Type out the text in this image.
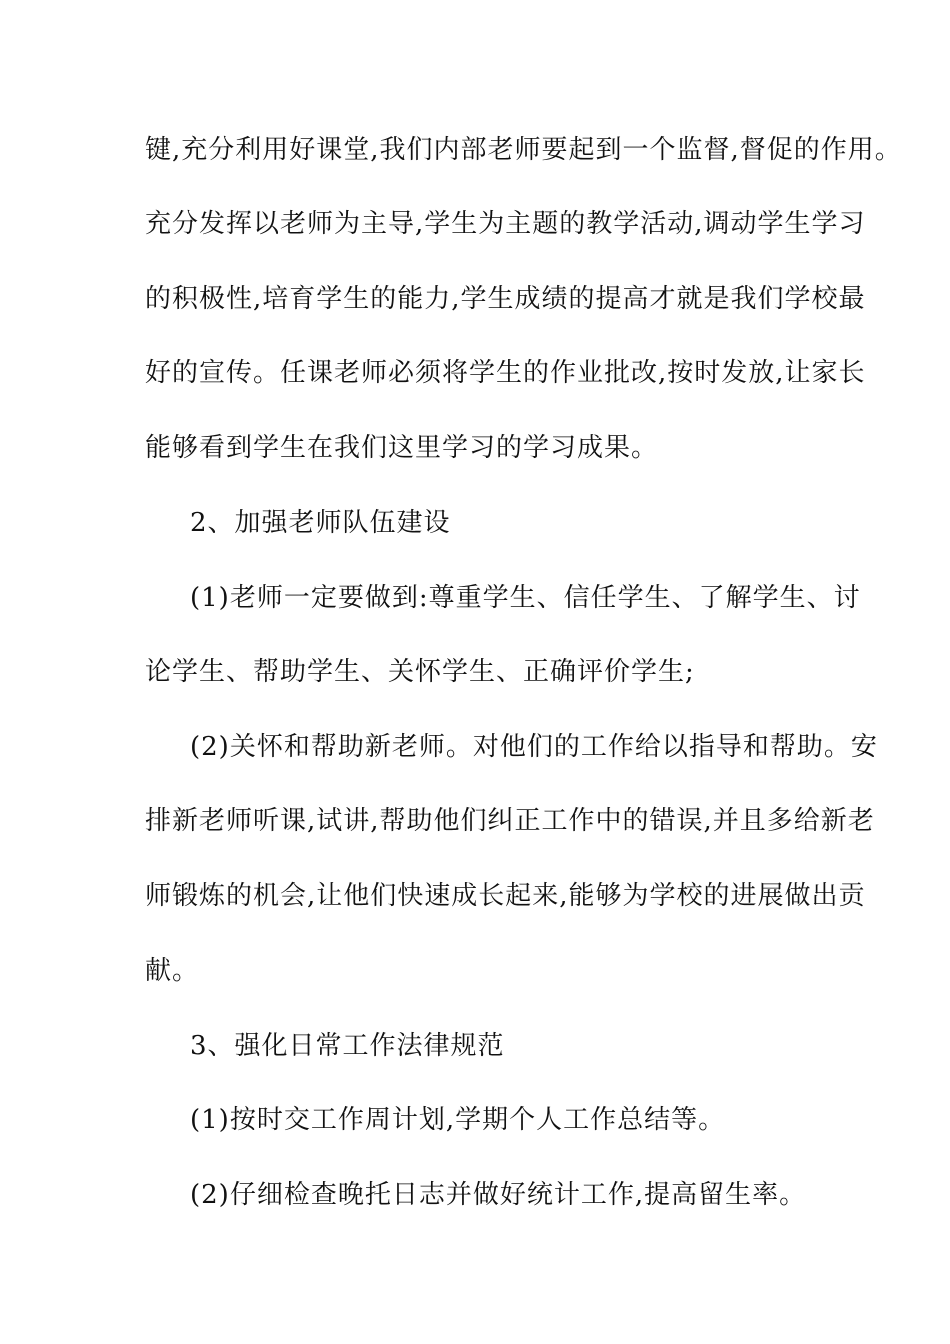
键,充分利用好课堂,我们内部老师要起到一个监督,督促的作用。
充分发挥以老师为主导,学生为主题的教学活动,调动学生学习
的积极性,培育学生的能力,学生成绩的提高才就是我们学校最
好的宣传。任课老师必须将学生的作业批改,按时发放,让家长
能够看到学生在我们这里学习的学习成果。
2、加强老师队伍建设
(1)老师一定要做到:尊重学生、信任学生、了解学生、讨
论学生、帮助学生、关怀学生、正确评价学生;
(2)关怀和帮助新老师。对他们的工作给以指导和帮助。安
排新老师听课,试讲,帮助他们纠正工作中的错误,并且多给新老
师锻炼的机会,让他们快速成长起来,能够为学校的进展做出贡
献。
3、强化日常工作法律规范
(1)按时交工作周计划,学期个人工作总结等。
(2)仔细检查晚托日志并做好统计工作,提高留生率。
